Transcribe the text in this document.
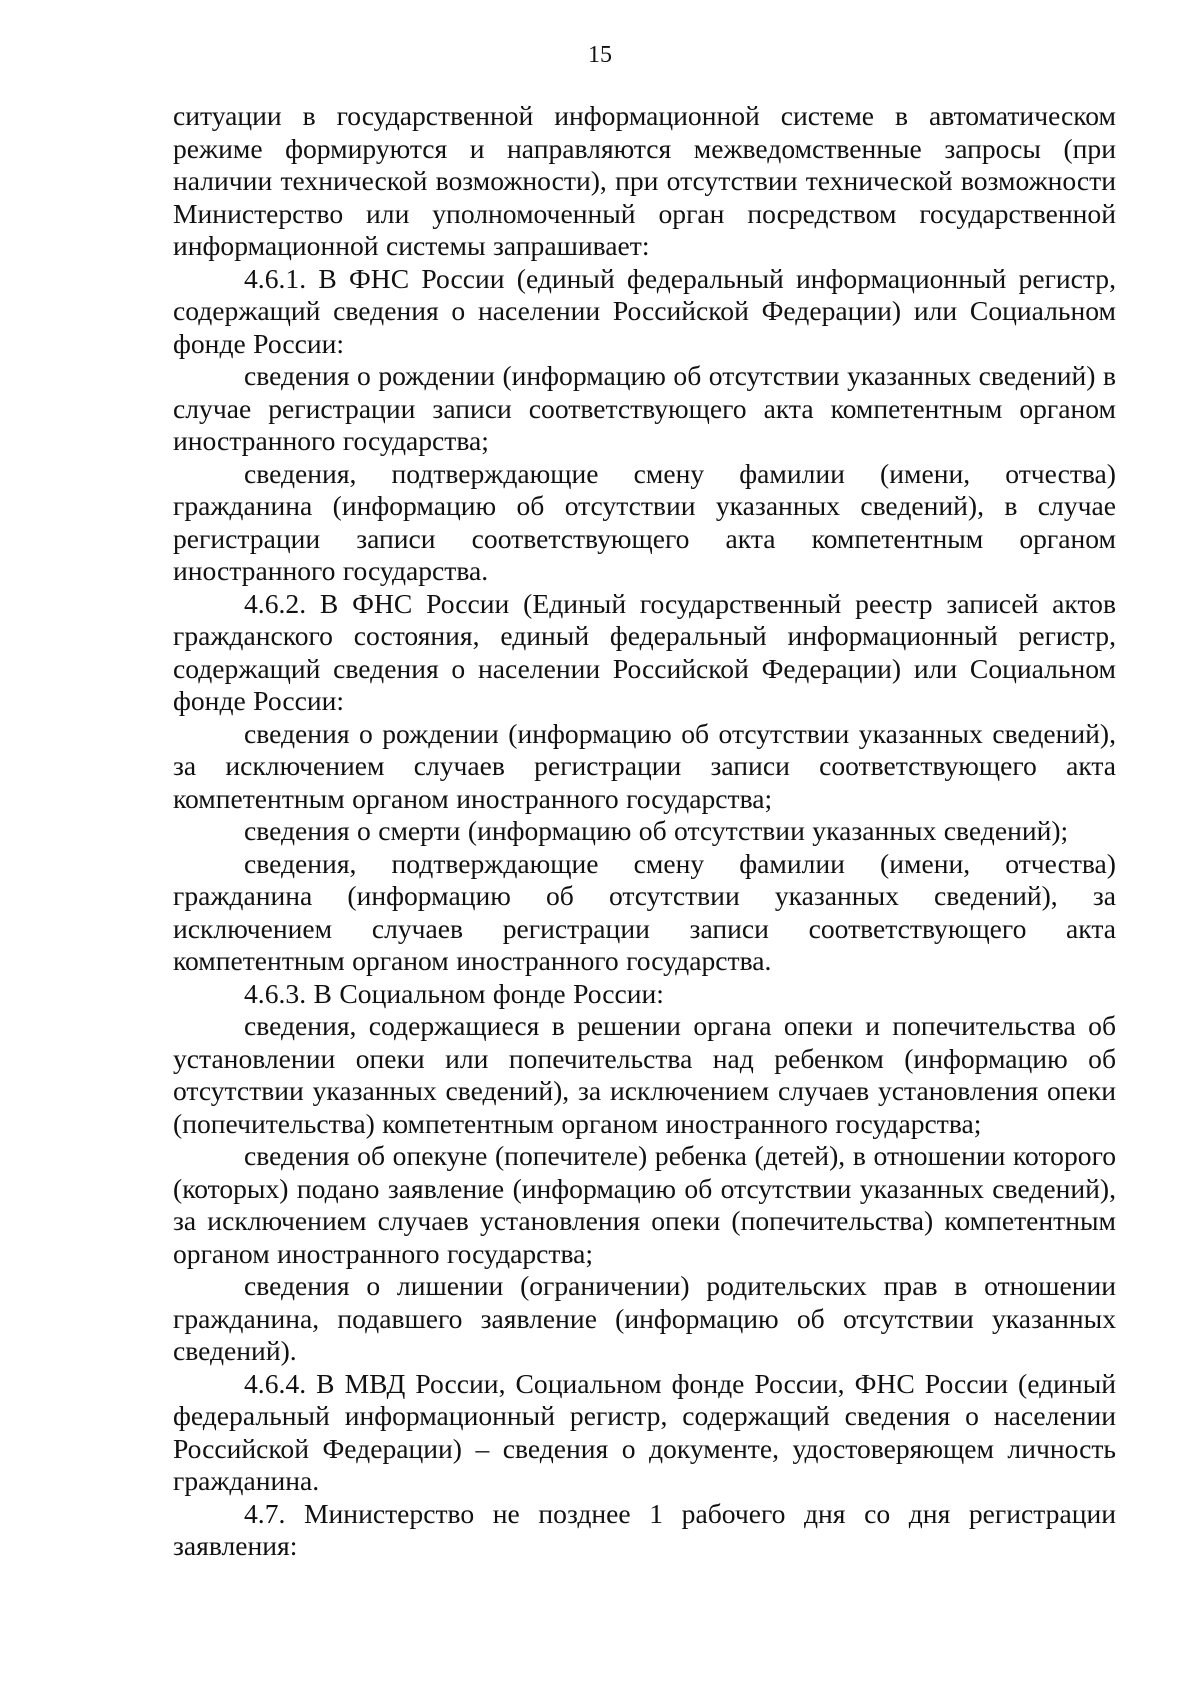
15

ситуации в государственной информационной системе в автоматическом режиме формируются и направляются межведомственные запросы (при наличии технической возможности), при отсутствии технической возможности Министерство или уполномоченный орган посредством государственной информационной системы запрашивает:

4.6.1. В ФНС России (единый федеральный информационный регистр, содержащий сведения о населении Российской Федерации) или Социальном фонде России:

сведения о рождении (информацию об отсутствии указанных сведений) в случае регистрации записи соответствующего акта компетентным органом иностранного государства;

сведения, подтверждающие смену фамилии (имени, отчества) гражданина (информацию об отсутствии указанных сведений), в случае регистрации записи соответствующего акта компетентным органом иностранного государства.

4.6.2. В ФНС России (Единый государственный реестр записей актов гражданского состояния, единый федеральный информационный регистр, содержащий сведения о населении Российской Федерации) или Социальном фонде России:

сведения о рождении (информацию об отсутствии указанных сведений), за исключением случаев регистрации записи соответствующего акта компетентным органом иностранного государства;

сведения о смерти (информацию об отсутствии указанных сведений);

сведения, подтверждающие смену фамилии (имени, отчества) гражданина (информацию об отсутствии указанных сведений), за исключением случаев регистрации записи соответствующего акта компетентным органом иностранного государства.

4.6.3. В Социальном фонде России:

сведения, содержащиеся в решении органа опеки и попечительства об установлении опеки или попечительства над ребенком (информацию об отсутствии указанных сведений), за исключением случаев установления опеки (попечительства) компетентным органом иностранного государства;

сведения об опекуне (попечителе) ребенка (детей), в отношении которого (которых) подано заявление (информацию об отсутствии указанных сведений), за исключением случаев установления опеки (попечительства) компетентным органом иностранного государства;

сведения о лишении (ограничении) родительских прав в отношении гражданина, подавшего заявление (информацию об отсутствии указанных сведений).

4.6.4. В МВД России, Социальном фонде России, ФНС России (единый федеральный информационный регистр, содержащий сведения о населении Российской Федерации) – сведения о документе, удостоверяющем личность гражданина.

4.7. Министерство не позднее 1 рабочего дня со дня регистрации заявления:
